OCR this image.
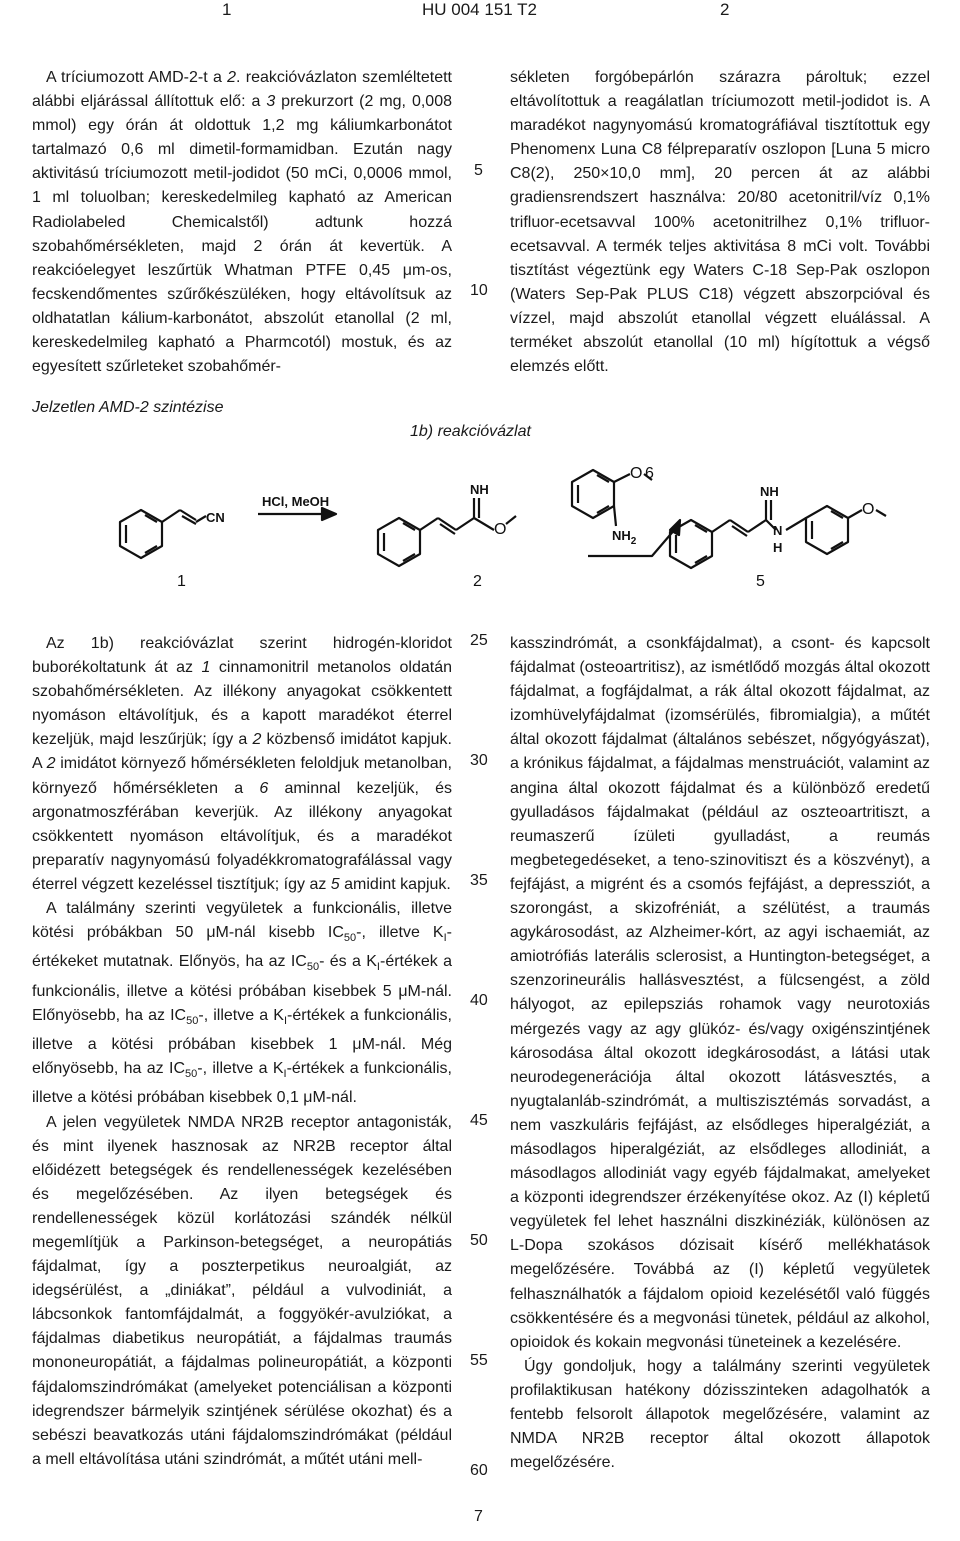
1	HU 004 151 T2	2

A tríciumozott AMD-2-t a 2. reakcióvázlaton szemléltetett alábbi eljárással állítottuk elő: a 3 prekurzort (2 mg, 0,008 mmol) egy órán át oldottuk 1,2 mg káliumkarbonátot tartalmazó 0,6 ml dimetil-formamidban. Ezután nagy aktivitású tríciumozott metil-jodidot (50 mCi, 0,0006 mmol, 1 ml toluolban; kereskedelmileg kapható az American Radiolabeled Chemicalstől) adtunk hozzá szobahőmérsékleten, majd 2 órán át kevertük. A reakcióelegyet leszűrtük Whatman PTFE 0,45 μm-os, fecskendőmentes szűrőkészüléken, hogy eltávolítsuk az oldhatatlan kálium-karbonátot, abszolút etanollal (2 ml, kereskedelmileg kapható a Pharmcotól) mostuk, és az egyesített szűrleteket szobahőmér-

5
10

sékleten forgóbepárlón szárazra pároltuk; ezzel eltávolítottuk a reagálatlan tríciumozott metil-jodidot is. A maradékot nagynyomású kromatográfiával tisztítottuk egy Phenomenx Luna C8 félpreparatív oszlopon [Luna 5 micro C8(2), 250×10,0 mm], 20 percen át az alábbi gradiensrendszert használva: 20/80 acetonitril/víz 0,1% trifluor-ecetsavval 100% acetonitrilhez 0,1% trifluor-ecetsavval. A termék teljes aktivitása 8 mCi volt. További tisztítást végeztünk egy Waters C-18 Sep-Pak oszlopon (Waters Sep-Pak PLUS C18) végzett abszorpcióval és vízzel, majd abszolút etanollal végzett eluálással. A terméket abszolút etanollal (10 ml) hígítottuk a végső elemzés előtt.

Jelzetlen AMD-2 szintézise
1b) reakcióvázlat
CN
HCl, MeOH
NH
O
O
$NH_2$
NH
N
H
O
6
1	2	5

Az 1b) reakcióvázlat szerint hidrogén-kloridot buborékoltatunk át az 1 cinnamonitril metanolos oldatán szobahőmérsékleten. Az illékony anyagokat csökkentett nyomáson eltávolítjuk, és a kapott maradékot éterrel kezeljük, majd leszűrjük; így a 2 közbenső imidátot kapjuk. A 2 imidátot környező hőmérsékleten feloldjuk metanolban, környező hőmérsékleten a 6 aminnal kezeljük, és argonatmoszférában keverjük. Az illékony anyagokat csökkentett nyomáson eltávolítjuk, és a maradékot preparatív nagynyomású folyadékkromatografálással vagy éterrel végzett kezeléssel tisztítjuk; így az 5 amidint kapjuk.

A találmány szerinti vegyületek a funkcionális, illetve kötési próbákban 50 μM-nál kisebb $IC_{50}-$, illetve $K_I$-értékeket mutatnak. Előnyös, ha az $IC_{50}-$ és a $K_I$-értékek a funkcionális, illetve a kötési próbában kisebbek 5 μM-nál. Előnyösebb, ha az $IC_{50}-$, illetve a $K_I$-értékek a funkcionális, illetve a kötési próbában kisebbek 1 μM-nál. Még előnyösebb, ha az $IC_{50}-$, illetve a $K_I$-értékek a funkcionális, illetve a kötési próbában kisebbek 0,1 μM-nál.

A jelen vegyületek NMDA NR2B receptor antagonisták, és mint ilyenek hasznosak az NR2B receptor által előidézett betegségek és rendellenességek kezelésében és megelőzésében. Az ilyen betegségek és rendellenességek közül korlátozási szándék nélkül megemlítjük a Parkinson-betegséget, a neuropátiás fájdalmat, így a poszterpetikus neuroalgiát, az idegsérülést, a „diniákat”, például a vulvodiniát, a lábcsonkok fantomfájdalmát, a foggyökér-avulziókat, a fájdalmas diabetikus neuropátiát, a fájdalmas traumás mononeuropátiát, a fájdalmas polineuropátiát, a központi fájdalomszindrómákat (amelyeket potenciálisan a központi idegrendszer bármelyik szintjének sérülése okozhat) és a sebészi beavatkozás utáni fájdalomszindrómákat (például a mell eltávolítása utáni szindrómát, a műtét utáni mell-

25
30
35
40
45
50
55
60

kasszindrómát, a csonkfájdalmat), a csont- és kapcsolt fájdalmat (osteoartritisz), az ismétlődő mozgás által okozott fájdalmat, a fogfájdalmat, a rák által okozott fájdalmat, az izomhüvelyfájdalmat (izomsérülés, fibromialgia), a műtét által okozott fájdalmat (általános sebészet, nőgyógyászat), a krónikus fájdalmat, a fájdalmas menstruációt, valamint az angina által okozott fájdalmat és a különböző eredetű gyulladásos fájdalmakat (például az oszteoartritiszt, a reumaszerű ízületi gyulladást, a reumás megbetegedéseket, a teno-szinovitiszt és a köszvényt), a fejfájást, a migrént és a csomós fejfájást, a depressziót, a szorongást, a skizofréniát, a szélütést, a traumás agykárosodást, az Alzheimer-kórt, az agyi ischaemiát, az amiotrófiás laterális sclerosist, a Huntington-betegséget, a szenzorineurális hallásvesztést, a fülcsengést, a zöld hályogot, az epilepsziás rohamok vagy neurotoxiás mérgezés vagy az agy glükóz- és/vagy oxigénszintjének károsodása által okozott idegkárosodást, a látási utak neurodegenerációja által okozott látásvesztés, a nyugtalanláb-szindrómát, a multiszisztémás sorvadást, a nem vaszkuláris fejfájást, az elsődleges hiperalgéziát, a másodlagos hiperalgéziát, az elsődleges allodiniát, a másodlagos allodiniát vagy egyéb fájdalmakat, amelyeket a központi idegrendszer érzékenyítése okoz. Az (I) képletű vegyületek fel lehet használni diszkinéziák, különösen az L-Dopa szokásos dózisait kísérő mellékhatások megelőzésére. Továbbá az (I) képletű vegyületek felhasználhatók a fájdalom opioid kezelésétől való függés csökkentésére és a megvonási tünetek, például az alkohol, opioidok és kokain megvonási tüneteinek a kezelésére.

Úgy gondoljuk, hogy a találmány szerinti vegyületek profilaktikusan hatékony dózisszinteken adagolhatók a fentebb felsorolt állapotok megelőzésére, valamint az NMDA NR2B receptor által okozott állapotok megelőzésére.

7
